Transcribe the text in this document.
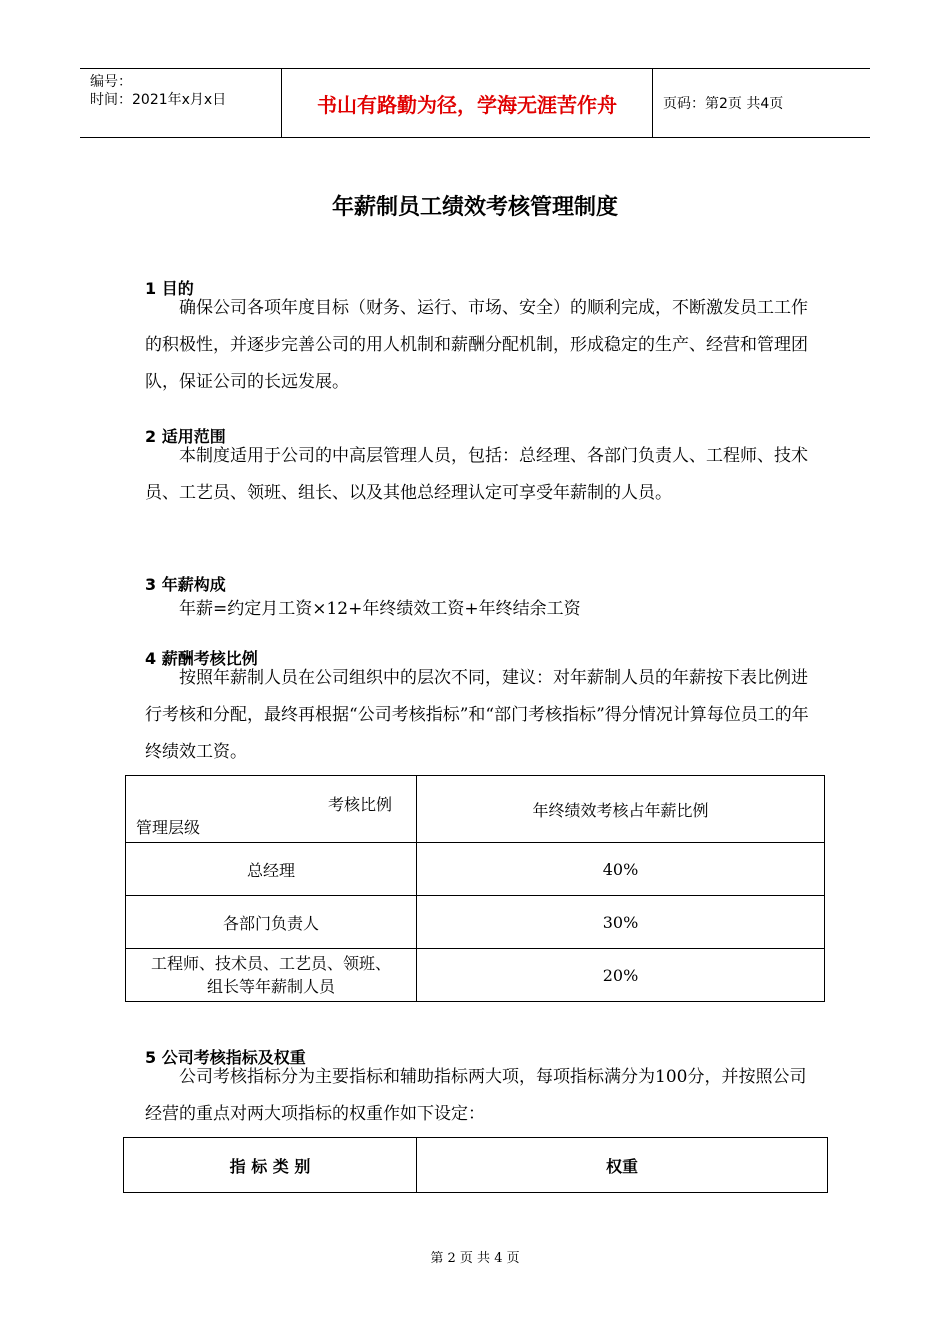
编号：
时间：2021年x月x日	书山有路勤为径，学海无涯苦作舟	页码：第2页 共4页
年薪制员工绩效考核管理制度
1 目的
确保公司各项年度目标（财务、运行、市场、安全）的顺利完成，不断激发员工工作的积极性，并逐步完善公司的用人机制和薪酬分配机制，形成稳定的生产、经营和管理团队，保证公司的长远发展。
2 适用范围
本制度适用于公司的中高层管理人员，包括：总经理、各部门负责人、工程师、技术员、工艺员、领班、组长、以及其他总经理认定可享受年薪制的人员。
3 年薪构成
年薪=约定月工资×12+年终绩效工资+年终结余工资
4 薪酬考核比例
按照年薪制人员在公司组织中的层次不同，建议：对年薪制人员的年薪按下表比例进行考核和分配，最终再根据“公司考核指标”和“部门考核指标”得分情况计算每位员工的年终绩效工资。
考核比例
管理层级	年终绩效考核占年薪比例
总经理	40%
各部门负责人	30%
工程师、技术员、工艺员、领班、组长等年薪制人员	20%
5 公司考核指标及权重
公司考核指标分为主要指标和辅助指标两大项，每项指标满分为100分，并按照公司经营的重点对两大项指标的权重作如下设定：
指 标 类 别	权重
第 2 页 共 4 页
